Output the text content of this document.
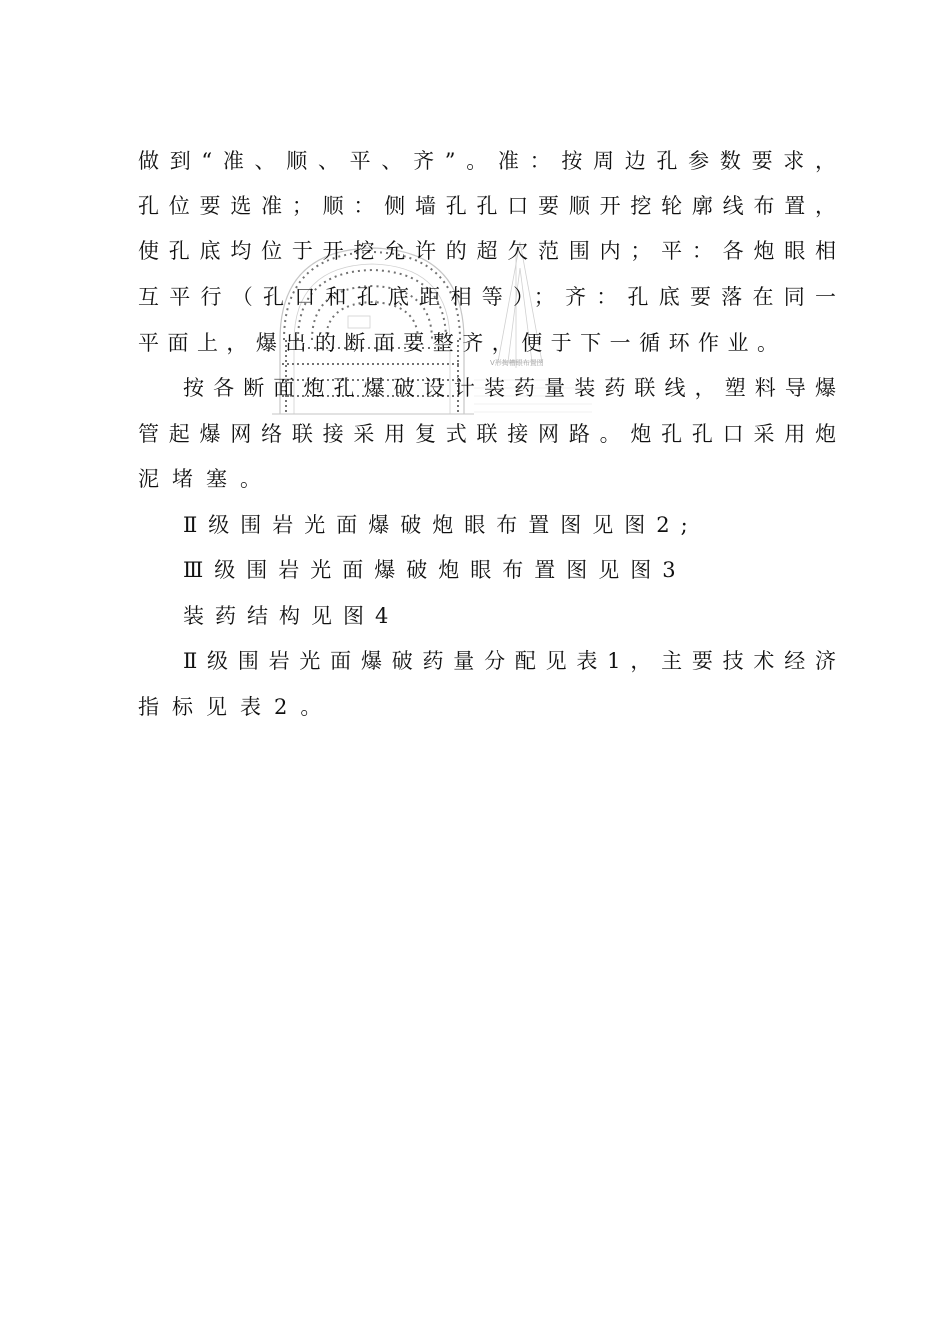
V形掏槽眼布置图
做到“准、顺、平、齐”。准：按周边孔参数要求，
孔位要选准；顺：侧墙孔孔口要顺开挖轮廓线布置，
使孔底均位于开挖允许的超欠范围内；平：各炮眼相
互平行（孔口和孔底距相等）；齐：孔底要落在同一
平面上，爆出的断面要整齐，便于下一循环作业。
按各断面炮孔爆破设计装药量装药联线，塑料导爆
管起爆网络联接采用复式联接网路。炮孔孔口采用炮
泥堵塞。
Ⅱ级围岩光面爆破炮眼布置图见图2;
Ⅲ级围岩光面爆破炮眼布置图见图3
装药结构见图4
Ⅱ级围岩光面爆破药量分配见表1，主要技术经济
指标见表2。
